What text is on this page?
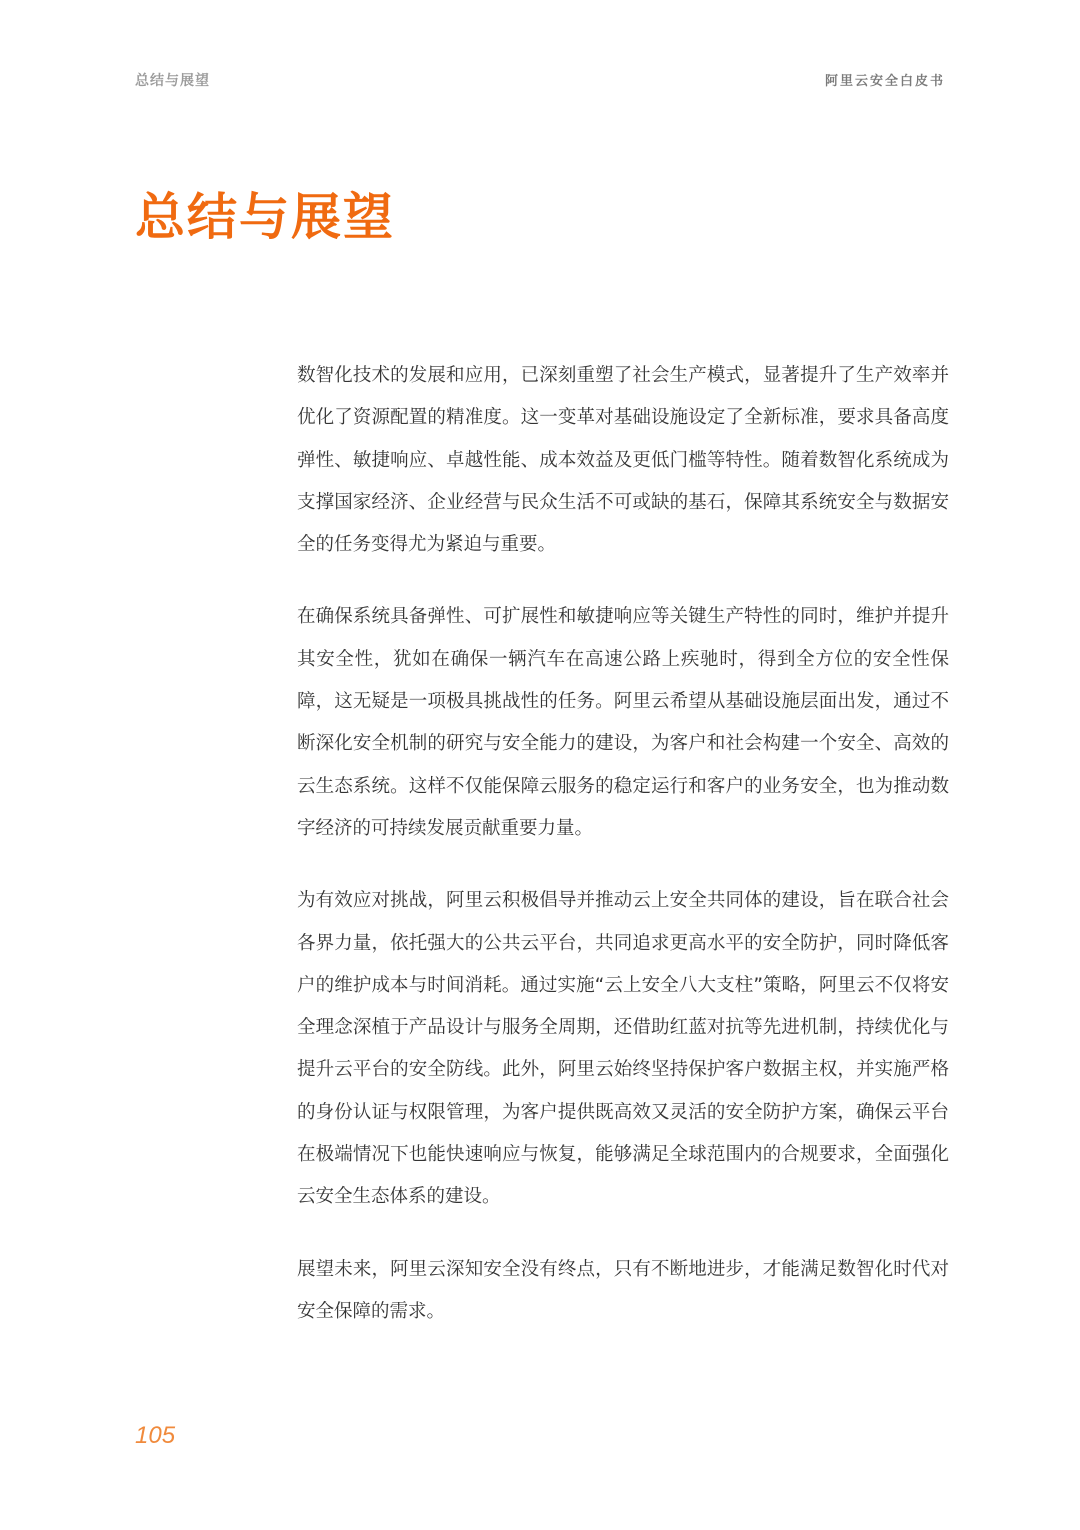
总结与展望	阿里云安全白皮书
总结与展望

数智化技术的发展和应用，已深刻重塑了社会生产模式，显著提升了生产效率并优化了资源配置的精准度。这一变革对基础设施设定了全新标准，要求具备高度弹性、敏捷响应、卓越性能、成本效益及更低门槛等特性。随着数智化系统成为支撑国家经济、企业经营与民众生活不可或缺的基石，保障其系统安全与数据安全的任务变得尤为紧迫与重要。

在确保系统具备弹性、可扩展性和敏捷响应等关键生产特性的同时，维护并提升其安全性，犹如在确保一辆汽车在高速公路上疾驰时，得到全方位的安全性保障，这无疑是一项极具挑战性的任务。阿里云希望从基础设施层面出发，通过不断深化安全机制的研究与安全能力的建设，为客户和社会构建一个安全、高效的云生态系统。这样不仅能保障云服务的稳定运行和客户的业务安全，也为推动数字经济的可持续发展贡献重要力量。

为有效应对挑战，阿里云积极倡导并推动云上安全共同体的建设，旨在联合社会各界力量，依托强大的公共云平台，共同追求更高水平的安全防护，同时降低客户的维护成本与时间消耗。通过实施“云上安全八大支柱”策略，阿里云不仅将安全理念深植于产品设计与服务全周期，还借助红蓝对抗等先进机制，持续优化与提升云平台的安全防线。此外，阿里云始终坚持保护客户数据主权，并实施严格的身份认证与权限管理，为客户提供既高效又灵活的安全防护方案，确保云平台在极端情况下也能快速响应与恢复，能够满足全球范围内的合规要求，全面强化云安全生态体系的建设。

展望未来，阿里云深知安全没有终点，只有不断地进步，才能满足数智化时代对安全保障的需求。

105
